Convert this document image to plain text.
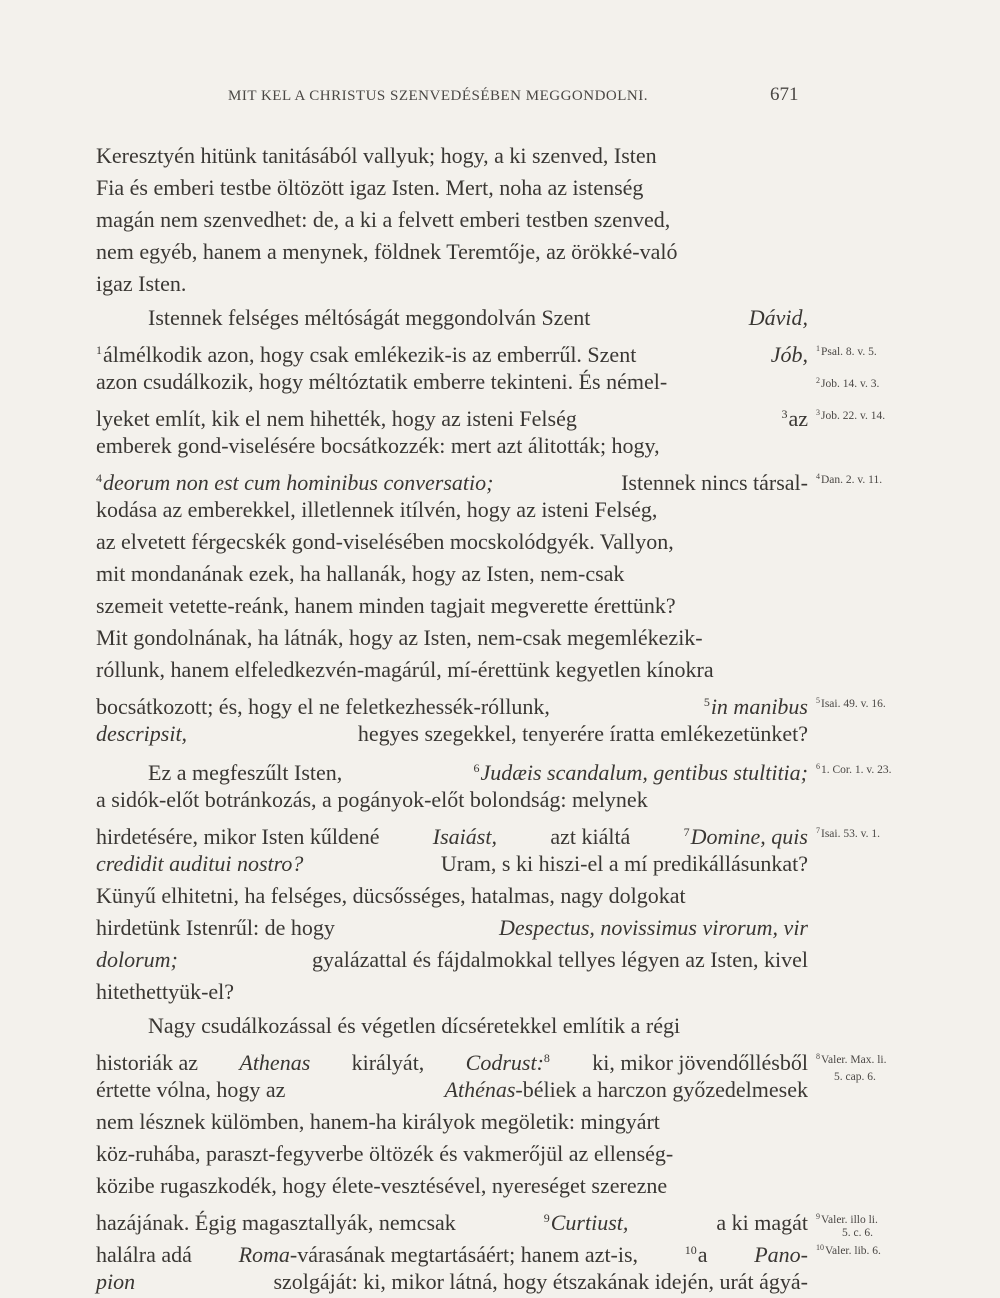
MIT KEL A CHRISTUS SZENVEDÉSÉBEN MEGGONDOLNI.	671
Keresztyén hitünk tanitásából vallyuk; hogy, a ki szenved, Isten
Fia és emberi testbe öltözött igaz Isten. Mert, noha az istenség
magán nem szenvedhet: de, a ki a felvett emberi testben szenved,
nem egyéb, hanem a menynek, földnek Teremtője, az örökké-való
igaz Isten.
Istennek felséges méltóságát meggondolván Szent	Dávid,
$^1$álmélkodik azon, hogy csak emlékezik-is az emberrűl. Szent	Jób,
azon csudálkozik, hogy méltóztatik emberre tekinteni. És némel-
lyeket említ, kik el nem hihették, hogy az isteni Felség	$^3$az
emberek gond-viselésére bocsátkozzék: mert azt álitották; hogy,
$^4$deorum non est cum hominibus conversatio;	Istennek nincs társal-
kodása az emberekkel, illetlennek itílvén, hogy az isteni Felség,
az elvetett férgecskék gond-viselésében mocskolódgyék. Vallyon,
mit mondanának ezek, ha hallanák, hogy az Isten, nem-csak
szemeit vetette-reánk, hanem minden tagjait megverette érettünk?
Mit gondolnának, ha látnák, hogy az Isten, nem-csak megemlékezik-
róllunk, hanem elfeledkezvén-magárúl, mí-érettünk kegyetlen kínokra
bocsátkozott; és, hogy el ne feletkezhessék-róllunk,	$^5$in manibus
descripsit,	hegyes szegekkel, tenyerére íratta emlékezetünket?
Ez a megfeszűlt Isten,	$^6$Judæis scandalum, gentibus stultitia;
a sidók-előt botránkozás, a pogányok-előt bolondság: melynek
hirdetésére, mikor Isten kűldené Isaiást, azt kiáltá	$^7$Domine, quis
credidit auditui nostro?	Uram, s ki hiszi-el a mí predikállásunkat?
Künyű elhitetni, ha felséges, dücsősséges, hatalmas, nagy dolgokat
hirdetünk Istenrűl: de hogy	Despectus, novissimus virorum, vir
dolorum;	gyalázattal és fájdalmokkal tellyes légyen az Isten, kivel
hitethettyük-el?
Nagy csudálkozással és végetlen dícséretekkel említik a régi
historiák az Athenas királyát, Codrust:$^8$ ki, mikor jövendőllésből
értette vólna, hogy az	Athénas-béliek a harczon győzedelmesek
nem lésznek külömben, hanem-ha királyok megöletik: mingyárt
köz-ruhába, paraszt-fegyverbe öltözék és vakmerőjül az ellenség-
közibe rugaszkodék, hogy élete-vesztésével, nyereséget szerezne
hazájának. Égig magasztallyák, nemcsak	$^9$Curtiust,	a ki magát
halálra adá Roma-várasának megtartásáért; hanem azt-is,	$^{10}$a Pano-
pion	szolgáját: ki, mikor látná, hogy étszakának idején, urát ágyá-
$^1$Psal. 8. v. 5.
$^2$Job. 14. v. 3.
$^3$Job. 22. v. 14.
$^4$Dan. 2. v. 11.
$^5$Isai. 49. v. 16.
$^6$1. Cor. 1. v. 23.
$^7$Isai. 53. v. 1.
$^8$Valer. Max. li.
5. cap. 6.
$^9$Valer. illo li.
5. c. 6.
$^{10}$Valer. lib. 6.
